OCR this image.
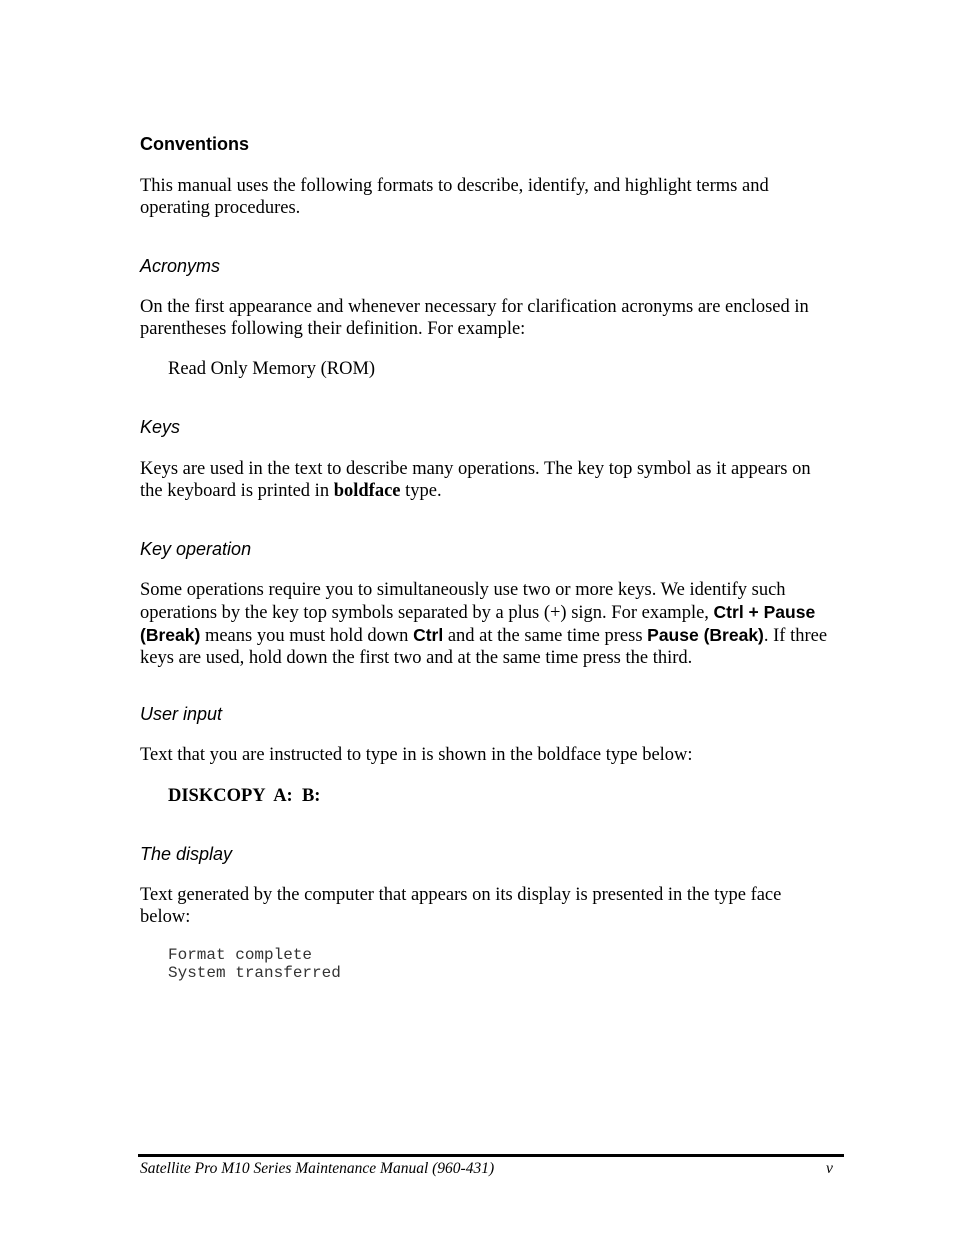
Conventions

This manual uses the following formats to describe, identify, and highlight terms and operating procedures.

Acronyms

On the first appearance and whenever necessary for clarification acronyms are enclosed in parentheses following their definition. For example:

Read Only Memory (ROM)

Keys

Keys are used in the text to describe many operations. The key top symbol as it appears on the keyboard is printed in boldface type.

Key operation

Some operations require you to simultaneously use two or more keys. We identify such operations by the key top symbols separated by a plus (+) sign. For example, Ctrl + Pause (Break) means you must hold down Ctrl and at the same time press Pause (Break). If three keys are used, hold down the first two and at the same time press the third.

User input

Text that you are instructed to type in is shown in the boldface type below:

DISKCOPY  A:  B:

The display

Text generated by the computer that appears on its display is presented in the type face below:

Format complete
System transferred
Satellite Pro M10 Series Maintenance Manual (960-431)	v
